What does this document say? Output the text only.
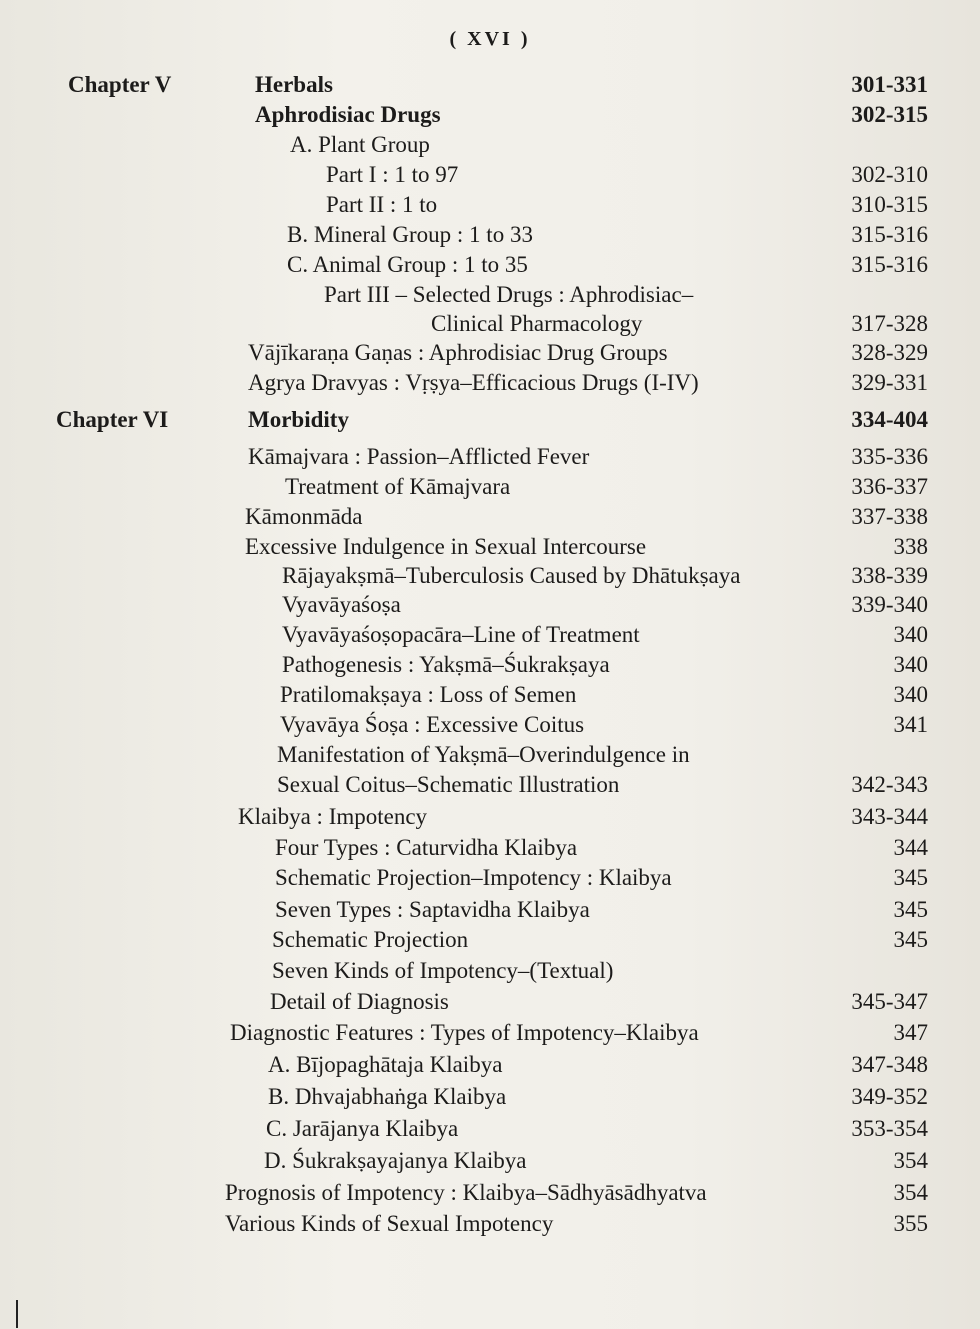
( XVI )
Chapter V	Herbals	301-331
Aphrodisiac Drugs	302-315
A. Plant Group
Part I : 1 to 97	302-310
Part II : 1 to	310-315
B. Mineral Group : 1 to 33	315-316
C. Animal Group : 1 to 35	315-316
Part III – Selected Drugs : Aphrodisiac–
Clinical Pharmacology	317-328
Vājīkaraṇa Gaṇas : Aphrodisiac Drug Groups	328-329
Agrya Dravyas : Vṛṣya–Efficacious Drugs (I-IV)	329-331
Chapter VI	Morbidity	334-404
Kāmajvara : Passion–Afflicted Fever	335-336
Treatment of Kāmajvara	336-337
Kāmonmāda	337-338
Excessive Indulgence in Sexual Intercourse	338
Rājayakṣmā–Tuberculosis Caused by Dhātukṣaya	338-339
Vyavāyaśoṣa	339-340
Vyavāyaśoṣopacāra–Line of Treatment	340
Pathogenesis : Yakṣmā–Śukrakṣaya	340
Pratilomakṣaya : Loss of Semen	340
Vyavāya Śoṣa : Excessive Coitus	341
Manifestation of Yakṣmā–Overindulgence in
Sexual Coitus–Schematic Illustration	342-343
Klaibya : Impotency	343-344
Four Types : Caturvidha Klaibya	344
Schematic Projection–Impotency : Klaibya	345
Seven Types : Saptavidha Klaibya	345
Schematic Projection	345
Seven Kinds of Impotency–(Textual)
Detail of Diagnosis	345-347
Diagnostic Features : Types of Impotency–Klaibya	347
A. Bījopaghātaja Klaibya	347-348
B. Dhvajabhaṅga Klaibya	349-352
C. Jarājanya Klaibya	353-354
D. Śukrakṣayajanya Klaibya	354
Prognosis of Impotency : Klaibya–Sādhyāsādhyatva	354
Various Kinds of Sexual Impotency	355
